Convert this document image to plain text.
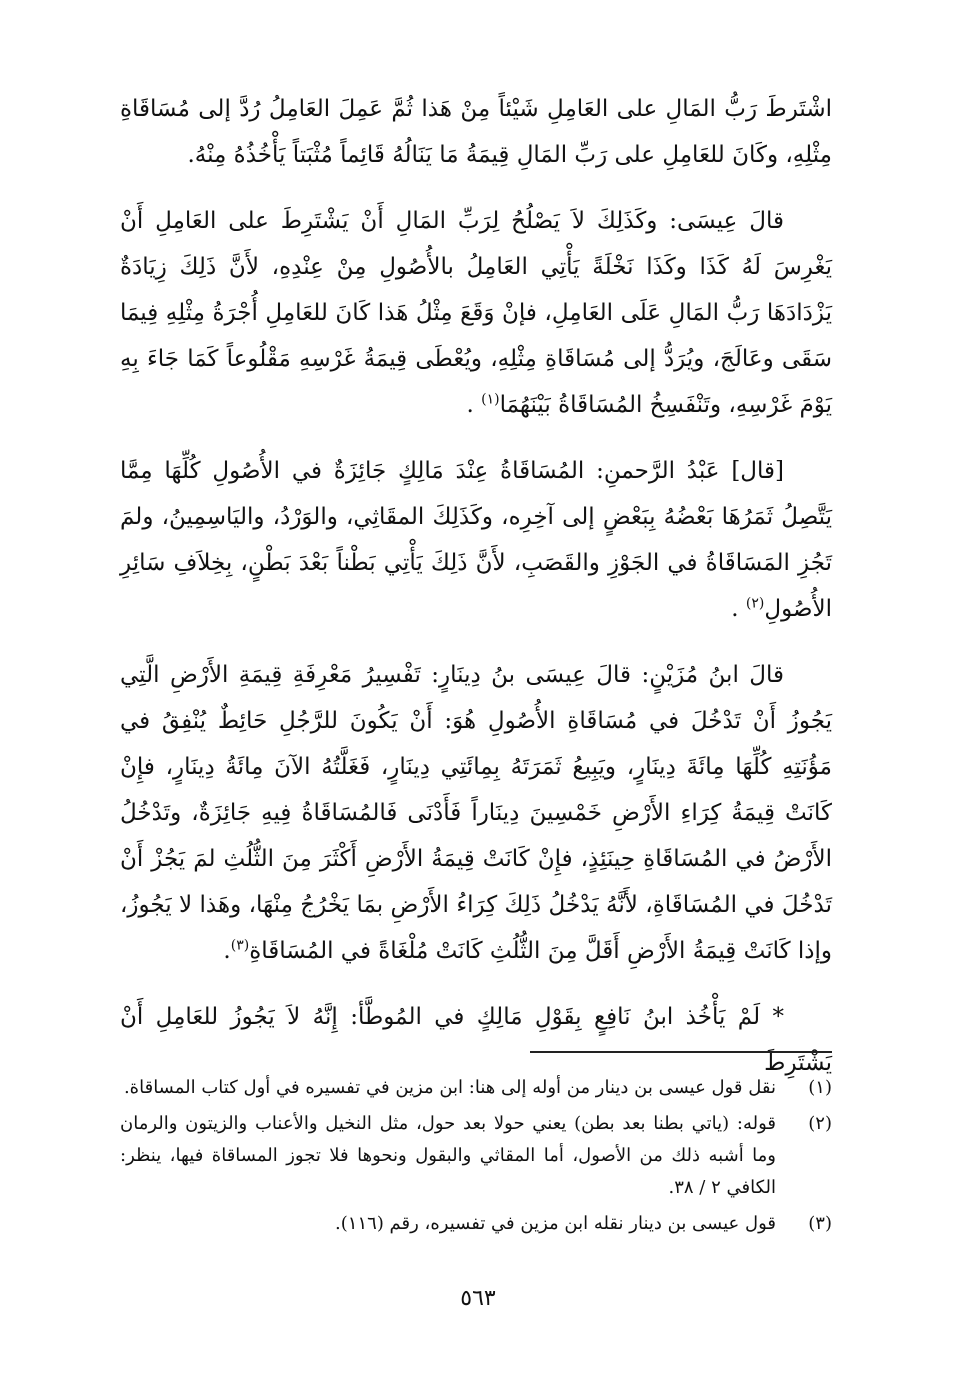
اشْتَرطَ رَبُّ المَالِ على العَامِلِ شَيْئاً مِنْ هَذا ثُمَّ عَمِلَ العَامِلُ رُدَّ إلى مُسَاقَاةِ مِثْلِهِ، وكَانَ للعَامِلِ على رَبِّ المَالِ قِيمَةُ مَا يَنَالُهُ قَائِماً مُثْبَتاً يَأْخُذُهُ مِنْهُ.

قالَ عِيسَى: وكَذَلِكَ لاَ يَصْلُحُ لِرَبِّ المَالِ أَنْ يَشْتَرِطَ على العَامِلِ أَنْ يَغْرِسَ لَهُ كَذَا وكَذَا نَخْلَةً يَأْتِي العَامِلُ بالأُصُولِ مِنْ عِنْدِهِ، لأَنَّ ذَلِكَ زِيَادَةٌ يَزْدَادَهَا رَبُّ المَالِ عَلَى العَامِلِ، فإنْ وَقَعَ مِثْلُ هَذا كَانَ للعَامِلِ أُجْرَةُ مِثْلِهِ فِيمَا سَقَى وعَالَجَ، ويُرَدُّ إلى مُسَاقَاةِ مِثْلِهِ، ويُعْطَى قِيمَةُ غَرْسِهِ مَقْلُوعاً كَمَا جَاءَ بِهِ يَوْمَ غَرْسِهِ، وتَنْفَسِخُ المُسَاقَاةُ بَيْنَهُمَا$^{(١)}$ .

[قال] عَبْدُ الرَّحمنِ: المُسَاقَاةُ عِنْدَ مَالِكٍ جَائِزَةٌ في الأُصُولِ كُلِّهَا مِمَّا يَتَّصِلُ ثَمَرُهَا بَعْضُهُ بِبَعْضٍ إلى آخِرِه، وكَذَلِكَ المقَاثِي، والوَرْدُ، واليَاسِمِينُ، ولمَ تَجُزِ المَسَاقَاةُ في الجَوْزِ والقَصَبِ، لأَنَّ ذَلِكَ يَأْتِي بَطْناً بَعْدَ بَطْنٍ، بِخِلاَفِ سَائِرِ الأُصُولِ$^{(٢)}$ .

قالَ ابنُ مُزَيْنٍ: قالَ عِيسَى بنُ دِينَارٍ: تَفْسِيرُ مَعْرِفَةِ قِيمَةِ الأَرْضِ الَّتِي يَجُوزُ أَنْ تَدْخُلَ في مُسَاقَاةِ الأُصُولِ هُوَ: أَنْ يَكُونَ للرَّجُلِ حَائِطٌ يُنْفِقُ في مَؤُنَتِهِ كُلِّهَا مِائَةَ دِينَارٍ، ويَبِيعُ ثَمَرَتَهُ بِمِائَتِي دِينَارٍ، فَغَلَّتُهُ الآنَ مِائَةُ دِينَارٍ، فإِنْ كَانَتْ قِيمَةُ كِرَاءِ الأَرْضِ خَمْسِينَ دِينَاراً فَأَدْنَى فَالمُسَاقَاةُ فِيهِ جَائِزَةٌ، وتَدْخُلُ الأَرْضُ في المُسَاقَاةِ حِينَئِذٍ، فإِنْ كَانَتْ قِيمَةُ الأَرْضِ أَكْثَرَ مِنَ الثُّلُثِ لمَ يَجُزْ أَنْ تَدْخُلَ في المُسَاقَاةِ، لأَنَّهُ يَدْخُلُ ذَلِكَ كِرَاءُ الأَرْضِ بمَا يَخْرُجُ مِنْهَا، وهَذا لا يَجُوزُ، وإذا كَانَتْ قِيمَةُ الأَرْضِ أَقَلَّ مِنَ الثُّلُثِ كَانَتْ مُلْغَاةً في المُسَاقَاةِ$^{(٣)}$.

* لَمْ يَأْخُذ ابنُ نَافِعٍ بِقَوْلِ مَالِكٍ في المُوطَّأ: إِنَّهُ لاَ يَجُوزُ للعَامِلِ أَنْ يَشْتَرِطَ

(١)
نقل قول عيسى بن دينار من أوله إلى هنا: ابن مزين في تفسيره في أول كتاب المساقاة.
(٢)
قوله: (ياتي بطنا بعد بطن) يعني حولا بعد حول، مثل النخيل والأعناب والزيتون والرمان وما أشبه ذلك من الأصول، أما المقاثي والبقول ونحوها فلا تجوز المساقاة فيها، ينظر: الكافي ٢ / ٣٨.
(٣)
قول عيسى بن دينار نقله ابن مزين في تفسيره، رقم (١١٦).
٥٦٣
